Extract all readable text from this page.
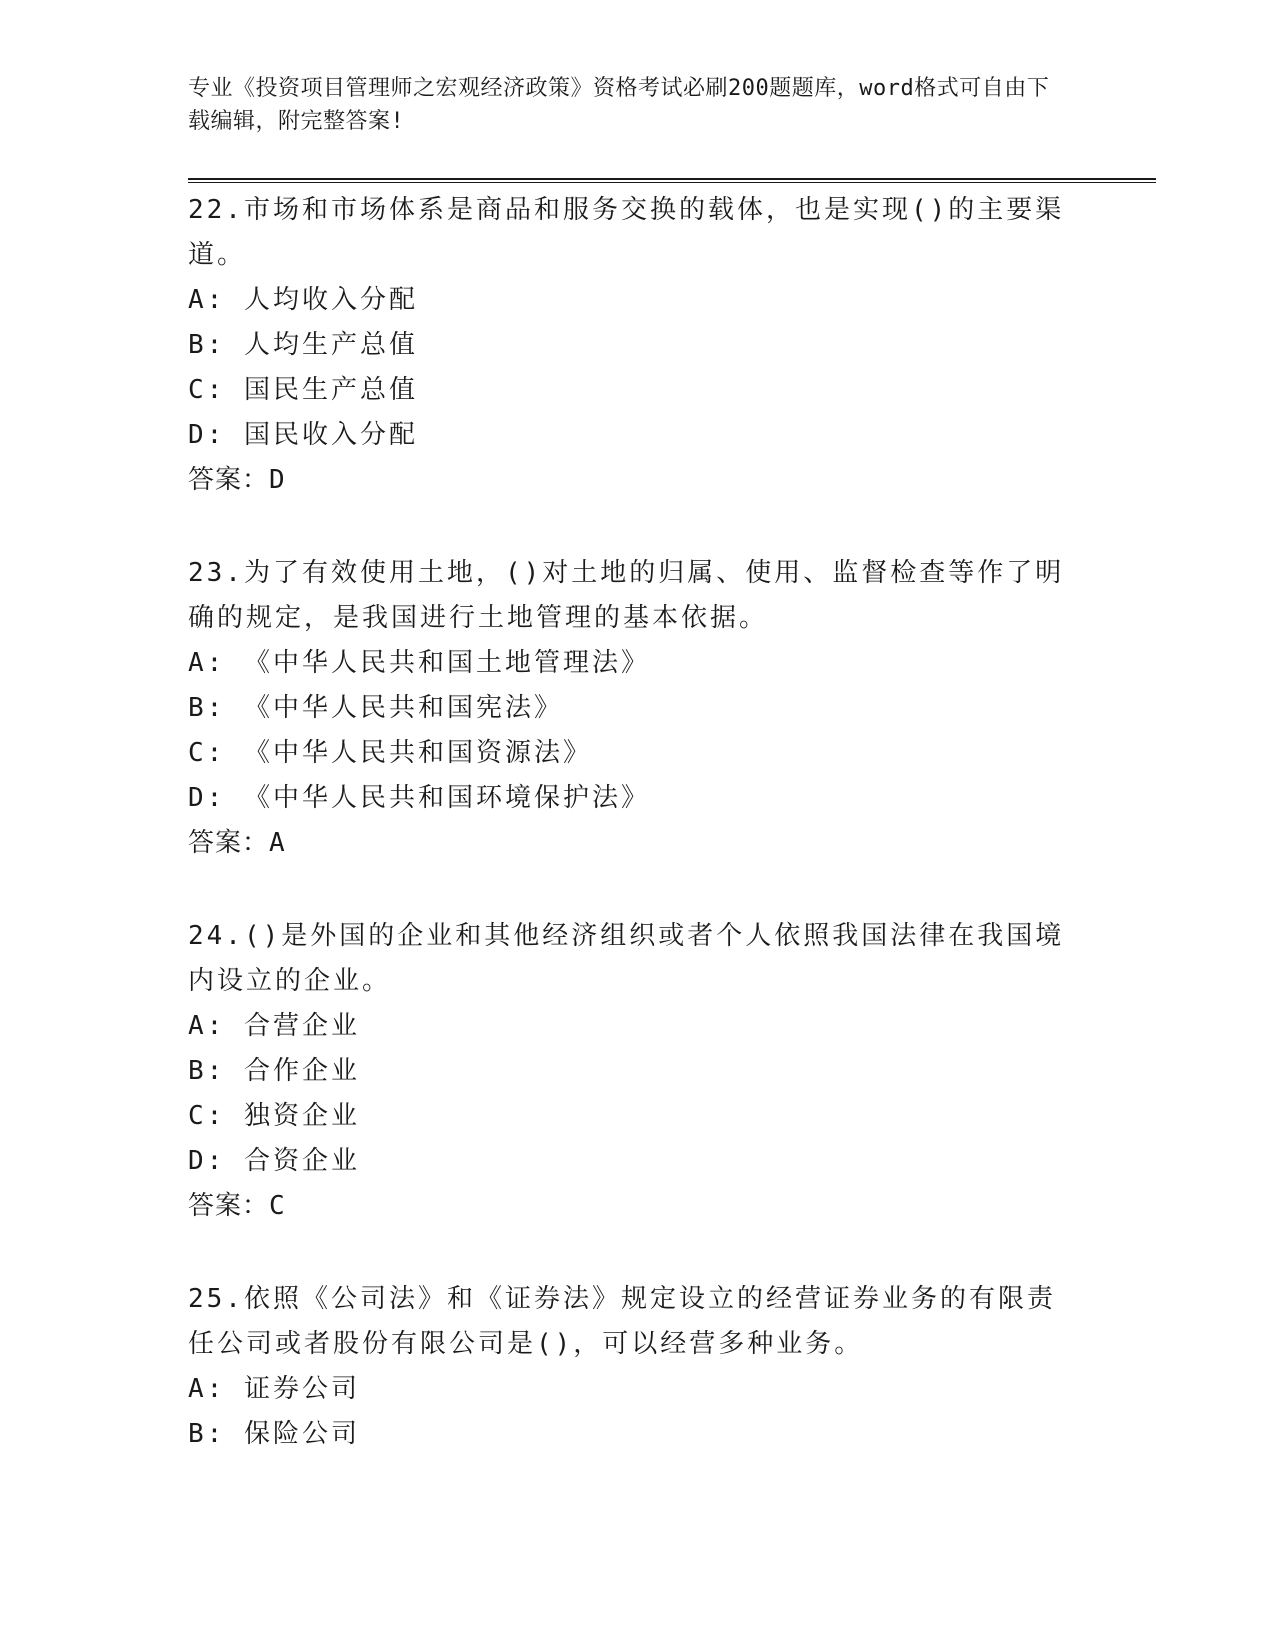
专业《投资项目管理师之宏观经济政策》资格考试必刷200题题库，word格式可自由下载编辑，附完整答案!
22.市场和市场体系是商品和服务交换的载体，也是实现()的主要渠道。
A: 人均收入分配
B: 人均生产总值
C: 国民生产总值
D: 国民收入分配
答案：D
23.为了有效使用土地，()对土地的归属、使用、监督检查等作了明确的规定，是我国进行土地管理的基本依据。
A: 《中华人民共和国土地管理法》
B: 《中华人民共和国宪法》
C: 《中华人民共和国资源法》
D: 《中华人民共和国环境保护法》
答案：A
24.()是外国的企业和其他经济组织或者个人依照我国法律在我国境内设立的企业。
A: 合营企业
B: 合作企业
C: 独资企业
D: 合资企业
答案：C
25.依照《公司法》和《证券法》规定设立的经营证券业务的有限责任公司或者股份有限公司是()，可以经营多种业务。
A: 证券公司
B: 保险公司
